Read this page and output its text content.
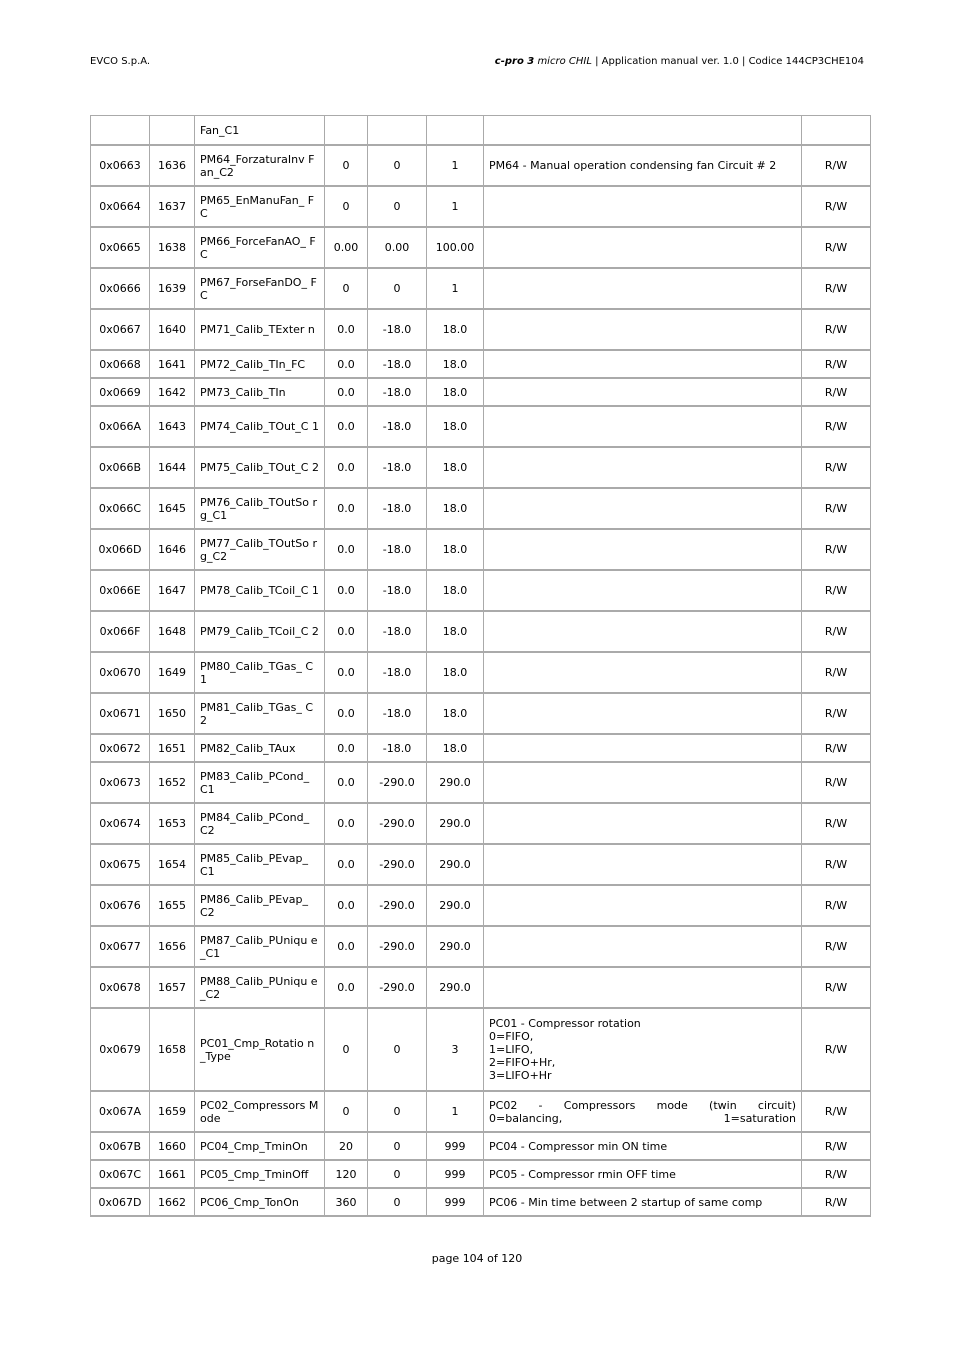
EVCO S.p.A.	c-pro 3 micro CHIL | Application manual ver. 1.0 | Codice 144CP3CHE104
		Fan_C1					
0x0663	1636	PM64_ForzaturaInv Fan_C2	0	0	1	PM64 - Manual operation condensing fan Circuit # 2	R/W
0x0664	1637	PM65_EnManuFan_ FC	0	0	1		R/W
0x0665	1638	PM66_ForceFanAO_ FC	0.00	0.00	100.00		R/W
0x0666	1639	PM67_ForseFanDO_ FC	0	0	1		R/W
0x0667	1640	PM71_Calib_TExter n	0.0	-18.0	18.0		R/W
0x0668	1641	PM72_Calib_TIn_FC	0.0	-18.0	18.0		R/W
0x0669	1642	PM73_Calib_TIn	0.0	-18.0	18.0		R/W
0x066A	1643	PM74_Calib_TOut_C 1	0.0	-18.0	18.0		R/W
0x066B	1644	PM75_Calib_TOut_C 2	0.0	-18.0	18.0		R/W
0x066C	1645	PM76_Calib_TOutSo rg_C1	0.0	-18.0	18.0		R/W
0x066D	1646	PM77_Calib_TOutSo rg_C2	0.0	-18.0	18.0		R/W
0x066E	1647	PM78_Calib_TCoil_C 1	0.0	-18.0	18.0		R/W
0x066F	1648	PM79_Calib_TCoil_C 2	0.0	-18.0	18.0		R/W
0x0670	1649	PM80_Calib_TGas_ C1	0.0	-18.0	18.0		R/W
0x0671	1650	PM81_Calib_TGas_ C2	0.0	-18.0	18.0		R/W
0x0672	1651	PM82_Calib_TAux	0.0	-18.0	18.0		R/W
0x0673	1652	PM83_Calib_PCond_ C1	0.0	-290.0	290.0		R/W
0x0674	1653	PM84_Calib_PCond_ C2	0.0	-290.0	290.0		R/W
0x0675	1654	PM85_Calib_PEvap_ C1	0.0	-290.0	290.0		R/W
0x0676	1655	PM86_Calib_PEvap_ C2	0.0	-290.0	290.0		R/W
0x0677	1656	PM87_Calib_PUniqu e_C1	0.0	-290.0	290.0		R/W
0x0678	1657	PM88_Calib_PUniqu e_C2	0.0	-290.0	290.0		R/W
0x0679	1658	PC01_Cmp_Rotatio n_Type	0	0	3	PC01 - Compressor rotation
0=FIFO,
1=LIFO,
2=FIFO+Hr,
3=LIFO+Hr	R/W
0x067A	1659	PC02_Compressors Mode	0	0	1	PC02 - Compressors mode (twin circuit)
0=balancing, 1=saturation	R/W
0x067B	1660	PC04_Cmp_TminOn	20	0	999	PC04 - Compressor min ON time	R/W
0x067C	1661	PC05_Cmp_TminOff	120	0	999	PC05 - Compressor rmin OFF time	R/W
0x067D	1662	PC06_Cmp_TonOn	360	0	999	PC06 - Min time between 2 startup of same comp	R/W
page 104 of 120
